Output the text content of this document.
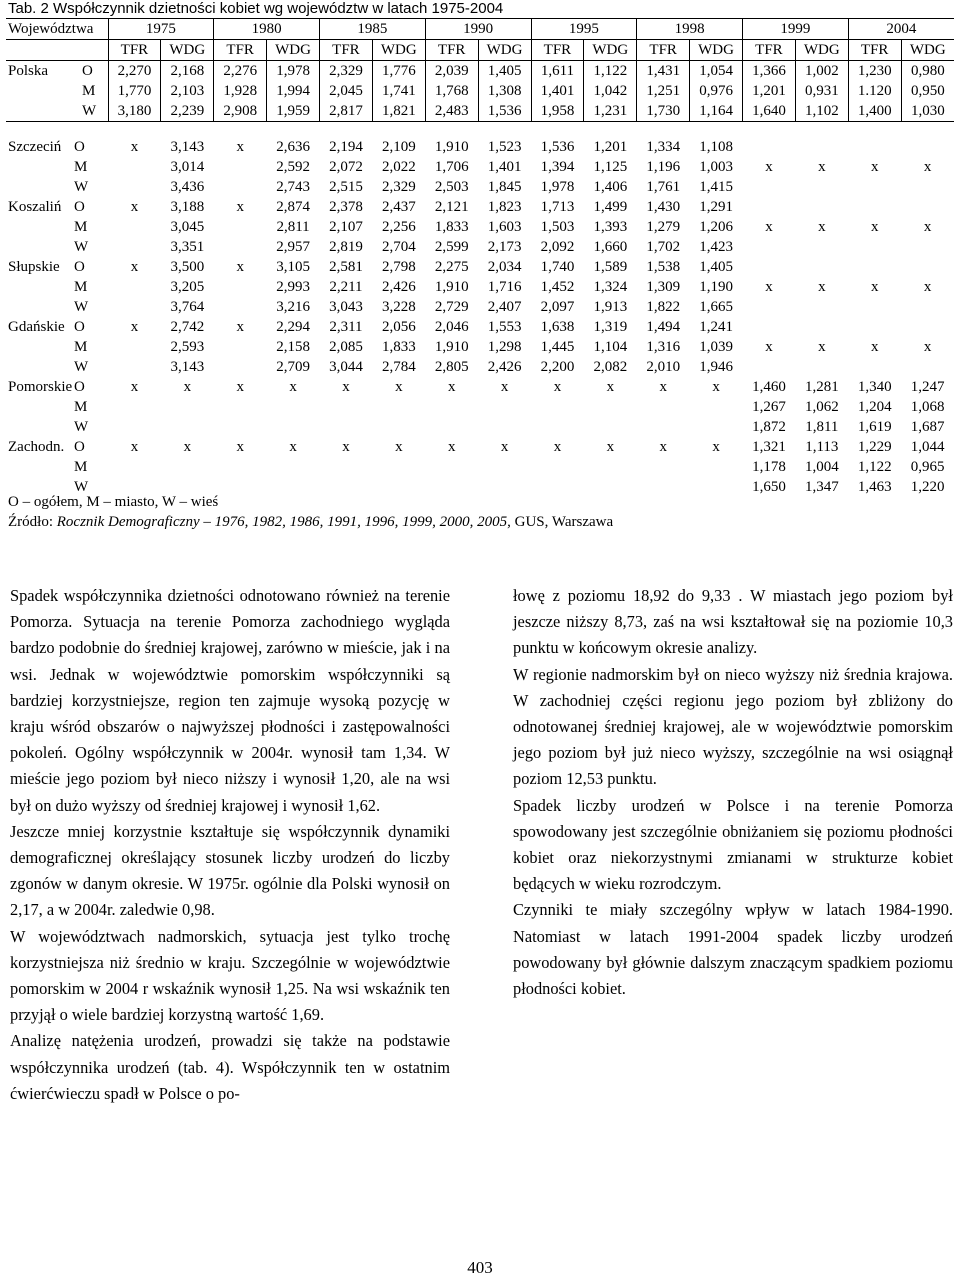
Tab. 2 Współczynnik dzietności kobiet wg województw w latach 1975-2004
Województwa		1975		1980		1985		1990		1995		1998		1999		2004	
		TFR	WDG	TFR	WDG	TFR	WDG	TFR	WDG	TFR	WDG	TFR	WDG	TFR	WDG	TFR	WDG
Polska	O	2,270	2,168	2,276	1,978	2,329	1,776	2,039	1,405	1,611	1,122	1,431	1,054	1,366	1,002	1,230	0,980
	M	1,770	2,103	1,928	1,994	2,045	1,741	1,768	1,308	1,401	1,042	1,251	0,976	1,201	0,931	1.120	0,950
	W	3,180	2,239	2,908	1,959	2,817	1,821	2,483	1,536	1,958	1,231	1,730	1,164	1,640	1,102	1,400	1,030
Szczeciń	O	x	3,143	x	2,636	2,194	2,109	1,910	1,523	1,536	1,201	1,334	1,108				
	M		3,014		2,592	2,072	2,022	1,706	1,401	1,394	1,125	1,196	1,003	x	x	x	x
	W		3,436		2,743	2,515	2,329	2,503	1,845	1,978	1,406	1,761	1,415				
Koszaliń	O	x	3,188	x	2,874	2,378	2,437	2,121	1,823	1,713	1,499	1,430	1,291				
	M		3,045		2,811	2,107	2,256	1,833	1,603	1,503	1,393	1,279	1,206	x	x	x	x
	W		3,351		2,957	2,819	2,704	2,599	2,173	2,092	1,660	1,702	1,423				
Słupskie	O	x	3,500	x	3,105	2,581	2,798	2,275	2,034	1,740	1,589	1,538	1,405				
	M		3,205		2,993	2,211	2,426	1,910	1,716	1,452	1,324	1,309	1,190	x	x	x	x
	W		3,764		3,216	3,043	3,228	2,729	2,407	2,097	1,913	1,822	1,665				
Gdańskie	O	x	2,742	x	2,294	2,311	2,056	2,046	1,553	1,638	1,319	1,494	1,241				
	M		2,593		2,158	2,085	1,833	1,910	1,298	1,445	1,104	1,316	1,039	x	x	x	x
	W		3,143		2,709	3,044	2,784	2,805	2,426	2,200	2,082	2,010	1,946				
Pomorskie	O	x	x	x	x	x	x	x	x	x	x	x	x	1,460	1,281	1,340	1,247
	M													1,267	1,062	1,204	1,068
	W													1,872	1,811	1,619	1,687
Zachodn.	O	x	x	x	x	x	x	x	x	x	x	x	x	1,321	1,113	1,229	1,044
	M													1,178	1,004	1,122	0,965
	W													1,650	1,347	1,463	1,220
O – ogółem, M – miasto, W – wieś
Źródło: Rocznik Demograficzny – 1976, 1982, 1986, 1991, 1996, 1999, 2000, 2005, GUS, Warszawa

Spadek współczynnika dzietności odnotowano również na terenie Pomorza. Sytuacja na terenie Pomorza zachodniego wygląda bardzo podobnie do średniej krajowej, zarówno w mieście, jak i na wsi. Jednak w województwie pomorskim współczynniki są bardziej korzystniejsze, region ten zajmuje wysoką pozycję w kraju wśród obszarów o najwyższej płodności i zastępowalności pokoleń. Ogólny współczynnik w 2004r. wynosił tam 1,34. W mieście jego poziom był nieco niższy i wynosił 1,20, ale na wsi był on dużo wyższy od średniej krajowej i wynosił 1,62.

Jeszcze mniej korzystnie kształtuje się współczynnik dynamiki demograficznej określający stosunek liczby urodzeń do liczby zgonów w danym okresie. W 1975r. ogólnie dla Polski wynosił on 2,17, a w 2004r. zaledwie 0,98.

W województwach nadmorskich, sytuacja jest tylko trochę korzystniejsza niż średnio w kraju. Szczególnie w województwie pomorskim w 2004 r wskaźnik wynosił 1,25. Na wsi wskaźnik ten przyjął o wiele bardziej korzystną wartość 1,69.

Analizę natężenia urodzeń, prowadzi się także na podstawie współczynnika urodzeń (tab. 4). Współczynnik ten w ostatnim ćwierćwieczu spadł w Polsce o po-

łowę z poziomu 18,92 do 9,33 . W miastach jego poziom był jeszcze niższy 8,73, zaś na wsi kształtował się na poziomie 10,3 punktu w końcowym okresie analizy.

W regionie nadmorskim był on nieco wyższy niż średnia krajowa. W zachodniej części regionu jego poziom był zbliżony do odnotowanej średniej krajowej, ale w województwie pomorskim jego poziom był już nieco wyższy, szczególnie na wsi osiągnął poziom 12,53 punktu.

Spadek liczby urodzeń w Polsce i na terenie Pomorza spowodowany jest szczególnie obniżaniem się poziomu płodności kobiet oraz niekorzystnymi zmianami w strukturze kobiet będących w wieku rozrodczym.

Czynniki te miały szczególny wpływ w latach 1984-1990. Natomiast w latach 1991-2004 spadek liczby urodzeń powodowany był głównie dalszym znaczącym spadkiem poziomu płodności kobiet.

403
